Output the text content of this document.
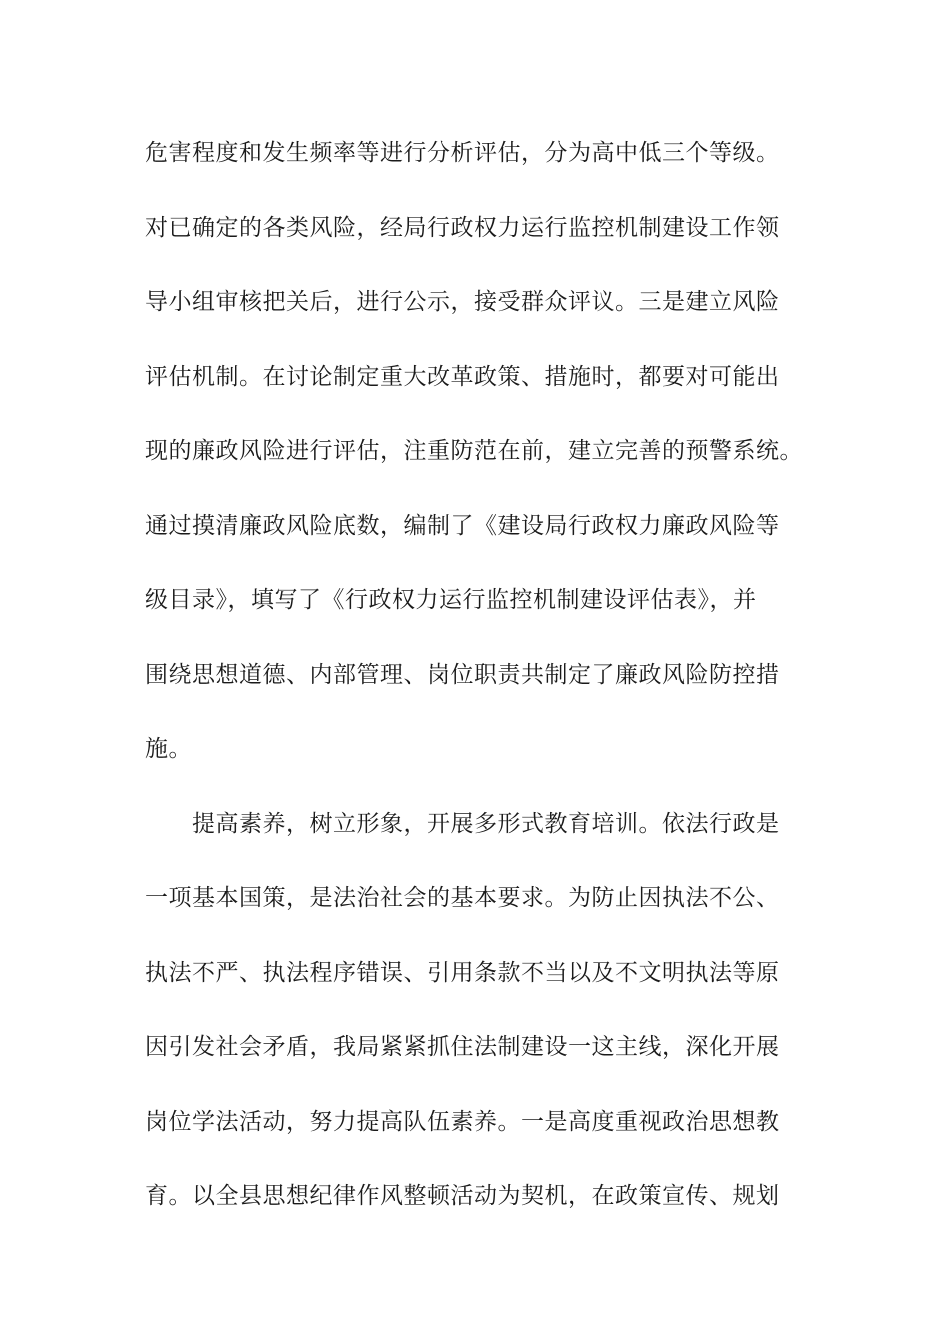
危害程度和发生频率等进行分析评估，分为高中低三个等级。
对已确定的各类风险，经局行政权力运行监控机制建设工作领
导小组审核把关后，进行公示，接受群众评议。三是建立风险
评估机制。在讨论制定重大改革政策、措施时，都要对可能出
现的廉政风险进行评估，注重防范在前，建立完善的预警系统。
通过摸清廉政风险底数，编制了《建设局行政权力廉政风险等
级目录》，填写了《行政权力运行监控机制建设评估表》，并
围绕思想道德、内部管理、岗位职责共制定了廉政风险防控措
施。
　　提高素养，树立形象，开展多形式教育培训。依法行政是
一项基本国策，是法治社会的基本要求。为防止因执法不公、
执法不严、执法程序错误、引用条款不当以及不文明执法等原
因引发社会矛盾，我局紧紧抓住法制建设一这主线，深化开展
岗位学法活动，努力提高队伍素养。一是高度重视政治思想教
育。以全县思想纪律作风整顿活动为契机，在政策宣传、规划
